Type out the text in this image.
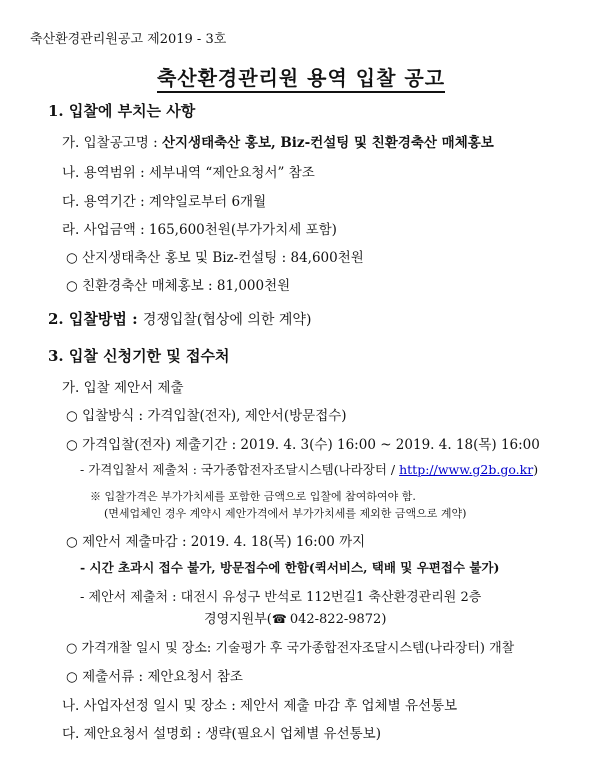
축산환경관리원공고 제2019 - 3호
축산환경관리원 용역 입찰 공고
1. 입찰에 부치는 사항
가. 입찰공고명 : 산지생태축산 홍보, Biz-컨설팅 및 친환경축산 매체홍보
나. 용역범위 : 세부내역 “제안요청서” 참조
다. 용역기간 : 계약일로부터 6개월
라. 사업금액 : 165,600천원(부가가치세 포함)
○ 산지생태축산 홍보 및 Biz-컨설팅 : 84,600천원
○ 친환경축산 매체홍보 : 81,000천원
2. 입찰방법 : 경쟁입찰(협상에 의한 계약)
3. 입찰 신청기한 및 접수처
가. 입찰 제안서 제출
○ 입찰방식 : 가격입찰(전자), 제안서(방문접수)
○ 가격입찰(전자) 제출기간 : 2019. 4. 3(수) 16:00 ~ 2019. 4. 18(목) 16:00
- 가격입찰서 제출처 : 국가종합전자조달시스템(나라장터 / http://www.g2b.go.kr)
※ 입찰가격은 부가가치세를 포함한 금액으로 입찰에 참여하여야 함.
(면세업체인 경우 계약시 제안가격에서 부가가치세를 제외한 금액으로 계약)
○ 제안서 제출마감 : 2019. 4. 18(목) 16:00 까지
- 시간 초과시 접수 불가, 방문접수에 한함(퀵서비스, 택배 및 우편접수 불가)
- 제안서 제출처 : 대전시 유성구 반석로 112번길1 축산환경관리원 2층
경영지원부(☎ 042-822-9872)
○ 가격개찰 일시 및 장소: 기술평가 후 국가종합전자조달시스템(나라장터) 개찰
○ 제출서류 : 제안요청서 참조
나. 사업자선정 일시 및 장소 : 제안서 제출 마감 후 업체별 유선통보
다. 제안요청서 설명회 : 생략(필요시 업체별 유선통보)
